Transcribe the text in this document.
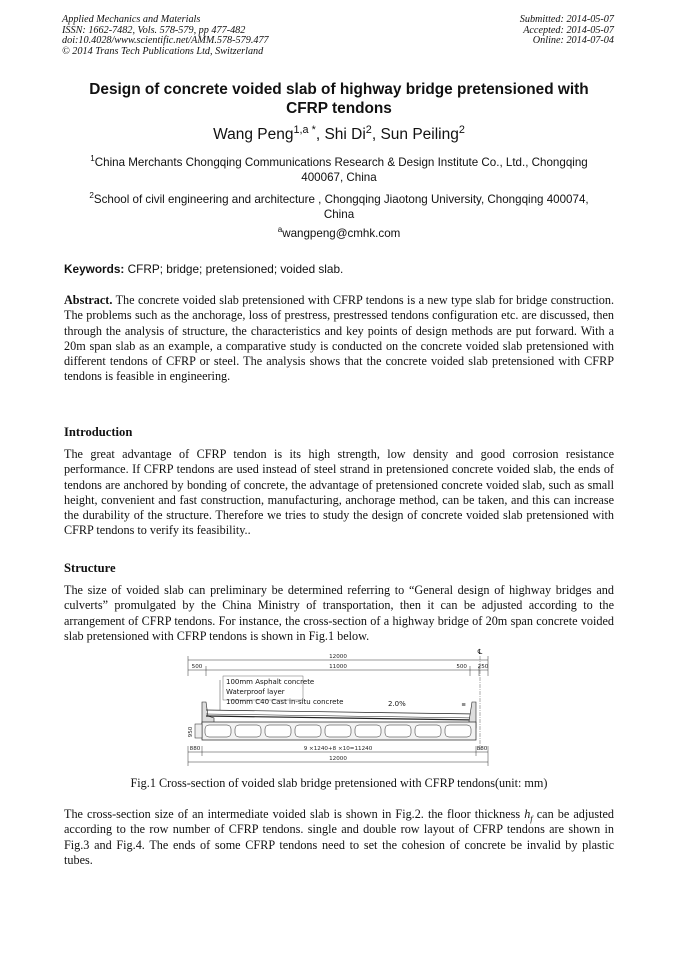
Applied Mechanics and Materials
ISSN: 1662-7482, Vols. 578-579, pp 477-482
doi:10.4028/www.scientific.net/AMM.578-579.477
© 2014 Trans Tech Publications Ltd, Switzerland
Submitted: 2014-05-07
Accepted: 2014-05-07
Online: 2014-07-04
Design of concrete voided slab of highway bridge pretensioned with
CFRP tendons
Wang Peng$^{1,a *}$, Shi Di$^2$, Sun Peiling$^2$
$^1$China Merchants Chongqing Communications Research & Design Institute Co., Ltd., Chongqing
400067, China
$^2$School of civil engineering and architecture , Chongqing Jiaotong University, Chongqing 400074,
China
$^a$wangpeng@cmhk.com
Keywords: CFRP; bridge; pretensioned; voided slab.

Abstract. The concrete voided slab pretensioned with CFRP tendons is a new type slab for bridge construction. The problems such as the anchorage, loss of prestress, prestressed tendons configuration etc. are discussed, then through the analysis of structure, the characteristics and key points of design methods are put forward. With a 20m span slab as an example, a comparative study is conducted on the concrete voided slab pretensioned with different tendons of CFRP or steel. The analysis shows that the concrete voided slab pretensioned with CFRP tendons is feasible in engineering.

Introduction

The great advantage of CFRP tendon is its high strength, low density and good corrosion resistance performance. If CFRP tendons are used instead of steel strand in pretensioned concrete voided slab, the ends of tendons are anchored by bonding of concrete, the advantage of pretensioned concrete voided slab, such as small height, convenient and fast construction, manufacturing, anchorage method, can be taken, and this can increase the durability of the structure. Therefore we tries to study the design of concrete voided slab pretensioned with CFRP tendons to verify its feasibility..

Structure

The size of voided slab can preliminary be determined referring to “General design of highway bridges and culverts” promulgated by the China Ministry of transportation, then it can be adjusted according to the arrangement of CFRP tendons. For instance, the cross-section of a highway bridge of 20m span concrete voided slab pretensioned with CFRP tendons is shown in Fig.1 below.

12000
11000
500	500 250
℄
100mm Asphalt concrete
Waterproof layer
100mm C40 Cast in-situ concrete	2.0%	≡
950
880	880
9 ×1240+8 ×10=11240
12000
Fig.1 Cross-section of voided slab bridge pretensioned with CFRP tendons(unit: mm)

The cross-section size of an intermediate voided slab is shown in Fig.2. the floor thickness $h_f$ can be adjusted according to the row number of CFRP tendons. single and double row layout of CFRP tendons are shown in Fig.3 and Fig.4. The ends of some CFRP tendons need to set the cohesion of concrete be invalid by plastic tubes.
